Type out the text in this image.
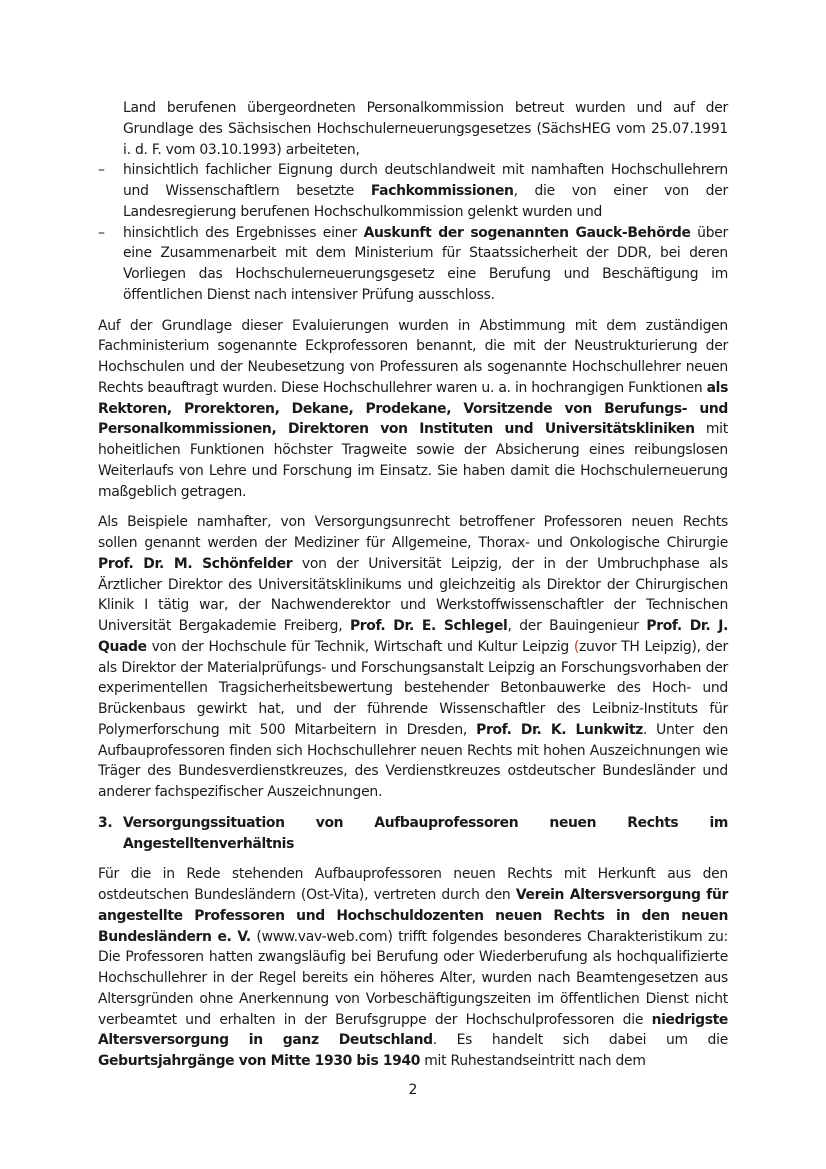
Land berufenen übergeordneten Personalkommission betreut wurden und auf der Grundlage des Sächsischen Hochschulerneuerungsgesetzes (SächsHEG vom 25.07.1991 i. d. F. vom 03.10.1993) arbeiteten,

– hinsichtlich fachlicher Eignung durch deutschlandweit mit namhaften Hochschullehrern und Wissenschaftlern besetzte Fachkommissionen, die von einer von der Landesregierung berufenen Hochschulkommission gelenkt wurden und

– hinsichtlich des Ergebnisses einer Auskunft der sogenannten Gauck-Behörde über eine Zusammenarbeit mit dem Ministerium für Staatssicherheit der DDR, bei deren Vorliegen das Hochschulerneuerungsgesetz eine Berufung und Beschäftigung im öffentlichen Dienst nach intensiver Prüfung ausschloss.

Auf der Grundlage dieser Evaluierungen wurden in Abstimmung mit dem zuständigen Fachministerium sogenannte Eckprofessoren benannt, die mit der Neustrukturierung der Hochschulen und der Neubesetzung von Professuren als sogenannte Hochschullehrer neuen Rechts beauftragt wurden. Diese Hochschullehrer waren u. a. in hochrangigen Funktionen als Rektoren, Prorektoren, Dekane, Prodekane, Vorsitzende von Berufungs- und Personalkommissionen, Direktoren von Instituten und Universitätskliniken mit hoheitlichen Funktionen höchster Tragweite sowie der Absicherung eines reibungslosen Weiterlaufs von Lehre und Forschung im Einsatz. Sie haben damit die Hochschulerneuerung maßgeblich getragen.

Als Beispiele namhafter, von Versorgungsunrecht betroffener Professoren neuen Rechts sollen genannt werden der Mediziner für Allgemeine, Thorax- und Onkologische Chirurgie Prof. Dr. M. Schönfelder von der Universität Leipzig, der in der Umbruchphase als Ärztlicher Direktor des Universitätsklinikums und gleichzeitig als Direktor der Chirurgischen Klinik I tätig war, der Nachwenderektor und Werkstoffwissenschaftler der Technischen Universität Bergakademie Freiberg, Prof. Dr. E. Schlegel, der Bauingenieur Prof. Dr. J. Quade von der Hochschule für Technik, Wirtschaft und Kultur Leipzig (zuvor TH Leipzig), der als Direktor der Materialprüfungs- und Forschungsanstalt Leipzig an Forschungsvorhaben der experimentellen Tragsicherheitsbewertung bestehender Betonbauwerke des Hoch- und Brückenbaus gewirkt hat, und der führende Wissenschaftler des Leibniz-Instituts für Polymerforschung mit 500 Mitarbeitern in Dresden, Prof. Dr. K. Lunkwitz. Unter den Aufbauprofessoren finden sich Hochschullehrer neuen Rechts mit hohen Auszeichnungen wie Träger des Bundesverdienstkreuzes, des Verdienstkreuzes ostdeutscher Bundesländer und anderer fachspezifischer Auszeichnungen.

3. Versorgungssituation von Aufbauprofessoren neuen Rechts im Angestelltenverhältnis

Für die in Rede stehenden Aufbauprofessoren neuen Rechts mit Herkunft aus den ostdeutschen Bundesländern (Ost-Vita), vertreten durch den Verein Altersversorgung für angestellte Professoren und Hochschuldozenten neuen Rechts in den neuen Bundesländern e. V. (www.vav-web.com) trifft folgendes besonderes Charakteristikum zu: Die Professoren hatten zwangsläufig bei Berufung oder Wiederberufung als hochqualifizierte Hochschullehrer in der Regel bereits ein höheres Alter, wurden nach Beamtengesetzen aus Altersgründen ohne Anerkennung von Vorbeschäftigungszeiten im öffentlichen Dienst nicht verbeamtet und erhalten in der Berufsgruppe der Hochschulprofessoren die niedrigste Altersversorgung in ganz Deutschland. Es handelt sich dabei um die Geburtsjahrgänge von Mitte 1930 bis 1940 mit Ruhestandseintritt nach dem

2
